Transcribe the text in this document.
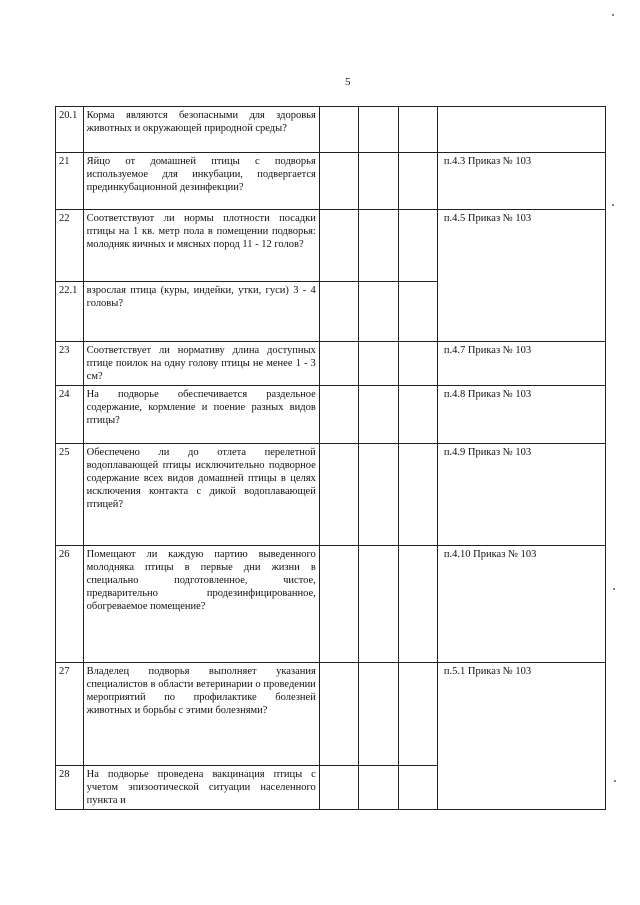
5
20.1	Корма являются безопасными для здоровья животных и окружающей природной среды?				
21	Яйцо от домашней птицы с подворья используемое для инкубации, подвергается прединкубационной дезинфекции?				п.4.3 Приказ № 103
22	Соответствуют ли нормы плотности посадки птицы на 1 кв. метр пола в помещении подворья: молодняк яичных и мясных пород 11 - 12 голов?				п.4.5 Приказ № 103
22.1	взрослая птица (куры, индейки, утки, гуси) 3 - 4 головы?				
23	Соответствует ли нормативу длина доступных птице поилок на одну голову птицы не менее 1 - 3 см?				п.4.7 Приказ № 103
24	На подворье обеспечивается раздельное содержание, кормление и поение разных видов птицы?				п.4.8 Приказ № 103
25	Обеспечено ли до отлета перелетной водоплавающей птицы исключительно подворное содержание всех видов домашней птицы в целях исключения контакта с дикой водоплавающей птицей?				п.4.9 Приказ № 103
26	Помещают ли каждую партию выведенного молодняка птицы в первые дни жизни в специально подготовленное, чистое, предварительно продезинфицированное, обогреваемое помещение?				п.4.10 Приказ № 103
27	Владелец подворья выполняет указания специалистов в области ветеринарии о проведении мероприятий по профилактике болезней животных и борьбы с этими болезнями?				п.5.1 Приказ № 103
28	На подворье проведена вакцинация птицы с учетом эпизоотической ситуации населенного пункта и				
